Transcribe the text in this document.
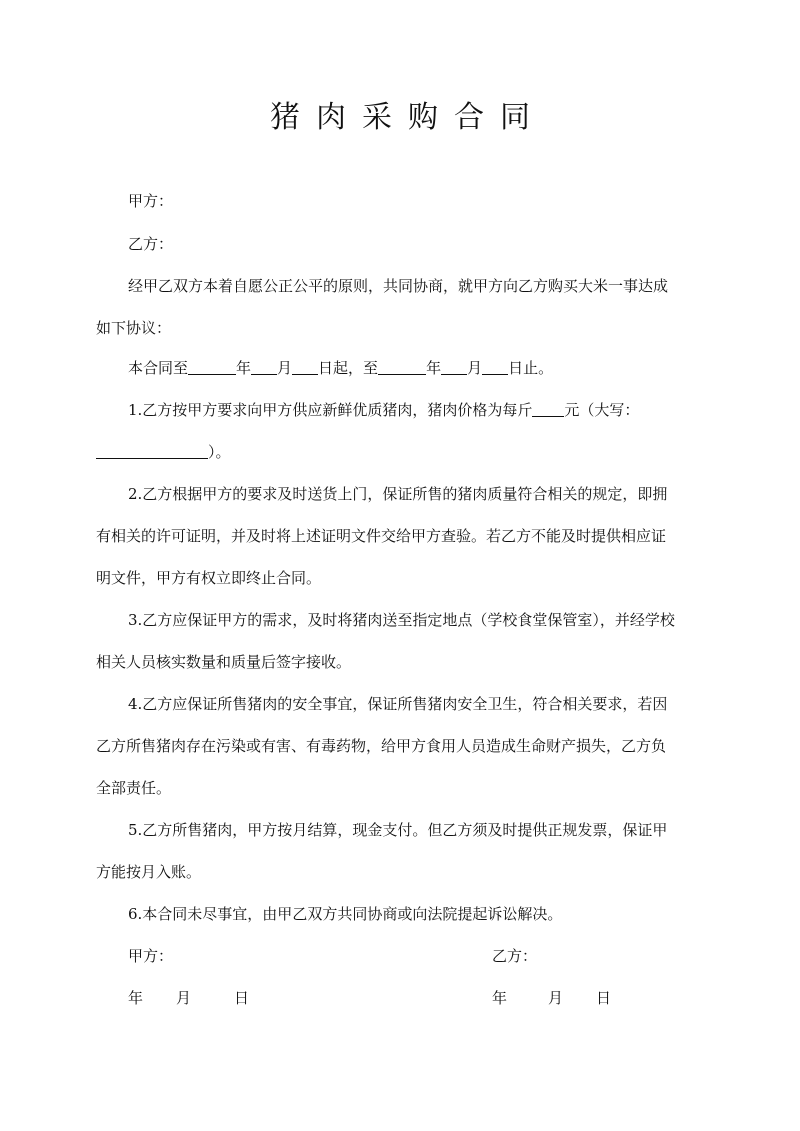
猪肉采购合同
甲方：
乙方：
经甲乙双方本着自愿公正公平的原则，共同协商，就甲方向乙方购买大米一事达成
如下协议：
本合同至	年 月 日起，至	年 月 日止。
1.乙方按甲方要求向甲方供应新鲜优质猪肉，猪肉价格为每斤 元（大写：
）。
2.乙方根据甲方的要求及时送货上门，保证所售的猪肉质量符合相关的规定，即拥
有相关的许可证明，并及时将上述证明文件交给甲方查验。若乙方不能及时提供相应证
明文件，甲方有权立即终止合同。
3.乙方应保证甲方的需求，及时将猪肉送至指定地点（学校食堂保管室），并经学校
相关人员核实数量和质量后签字接收。
4.乙方应保证所售猪肉的安全事宜，保证所售猪肉安全卫生，符合相关要求，若因
乙方所售猪肉存在污染或有害、有毒药物，给甲方食用人员造成生命财产损失，乙方负
全部责任。
5.乙方所售猪肉，甲方按月结算，现金支付。但乙方须及时提供正规发票，保证甲
方能按月入账。
6.本合同未尽事宜，由甲乙双方共同协商或向法院提起诉讼解决。
甲方：	乙方：
年 月	日	年	月 日
